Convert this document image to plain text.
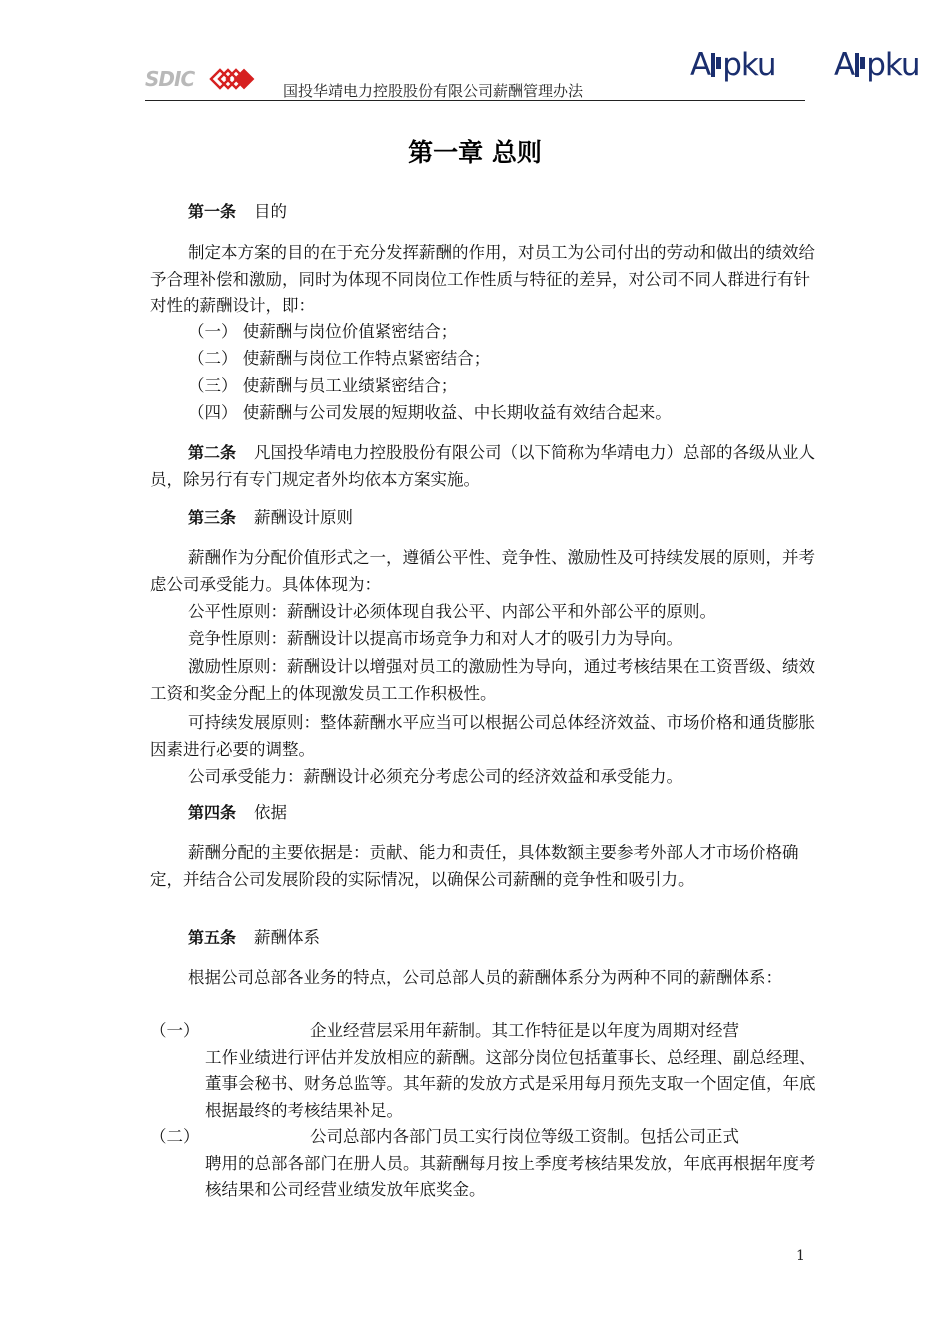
SDIC	国投华靖电力控股股份有限公司薪酬管理办法
A pku A pku
第一章 总则
第一条 目的
制定本方案的目的在于充分发挥薪酬的作用，对员工为公司付出的劳动和做出的绩效给予合理补偿和激励，同时为体现不同岗位工作性质与特征的差异，对公司不同人群进行有针对性的薪酬设计，即：
（一） 使薪酬与岗位价值紧密结合；
（二） 使薪酬与岗位工作特点紧密结合；
（三） 使薪酬与员工业绩紧密结合；
（四） 使薪酬与公司发展的短期收益、中长期收益有效结合起来。
第二条 凡国投华靖电力控股股份有限公司（以下简称为华靖电力）总部的各级从业人员，除另行有专门规定者外均依本方案实施。
第三条 薪酬设计原则
薪酬作为分配价值形式之一，遵循公平性、竞争性、激励性及可持续发展的原则，并考虑公司承受能力。具体体现为：
公平性原则：薪酬设计必须体现自我公平、内部公平和外部公平的原则。
竞争性原则：薪酬设计以提高市场竞争力和对人才的吸引力为导向。
激励性原则：薪酬设计以增强对员工的激励性为导向，通过考核结果在工资晋级、绩效工资和奖金分配上的体现激发员工工作积极性。
可持续发展原则：整体薪酬水平应当可以根据公司总体经济效益、市场价格和通货膨胀因素进行必要的调整。
公司承受能力：薪酬设计必须充分考虑公司的经济效益和承受能力。
第四条 依据
薪酬分配的主要依据是：贡献、能力和责任，具体数额主要参考外部人才市场价格确定，并结合公司发展阶段的实际情况，以确保公司薪酬的竞争性和吸引力。
第五条 薪酬体系
根据公司总部各业务的特点，公司总部人员的薪酬体系分为两种不同的薪酬体系：
（一）	企业经营层采用年薪制。其工作特征是以年度为周期对经营
工作业绩进行评估并发放相应的薪酬。这部分岗位包括董事长、总经理、副总经理、董事会秘书、财务总监等。其年薪的发放方式是采用每月预先支取一个固定值，年底根据最终的考核结果补足。
（二）	公司总部内各部门员工实行岗位等级工资制。包括公司正式
聘用的总部各部门在册人员。其薪酬每月按上季度考核结果发放，年底再根据年度考核结果和公司经营业绩发放年底奖金。
1
